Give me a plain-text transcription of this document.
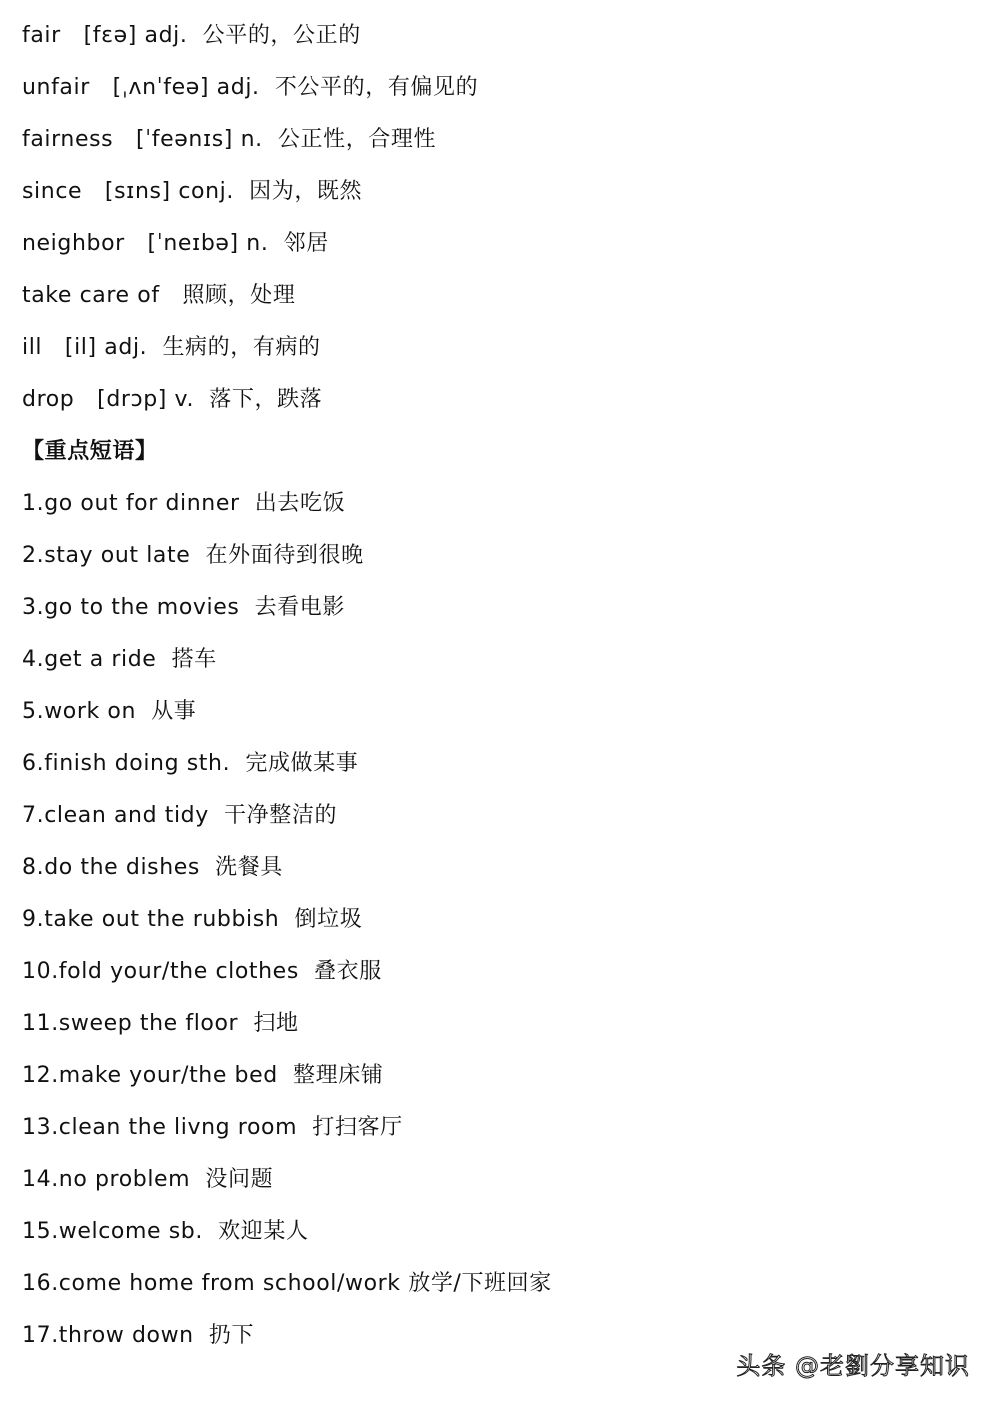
fair   [fɛə] adj.  公平的，公正的
unfair   [ˌʌnˈfeə] adj.  不公平的，有偏见的
fairness   [ˈfeənɪs] n.  公正性，合理性
since   [sɪns] conj.  因为，既然
neighbor   [ˈneɪbə] n.  邻居
take care of   照顾，处理
ill   [il] adj.  生病的，有病的
drop   [drɔp] v.  落下，跌落
【重点短语】
1.go out for dinner  出去吃饭
2.stay out late  在外面待到很晚
3.go to the movies  去看电影
4.get a ride  搭车
5.work on  从事
6.finish doing sth.  完成做某事
7.clean and tidy  干净整洁的
8.do the dishes  洗餐具
9.take out the rubbish  倒垃圾
10.fold your/the clothes  叠衣服
11.sweep the floor  扫地
12.make your/the bed  整理床铺
13.clean the livng room  打扫客厅
14.no problem  没问题
15.welcome sb.  欢迎某人
16.come home from school/work 放学/下班回家
17.throw down  扔下
头条 @老劉分享知识
